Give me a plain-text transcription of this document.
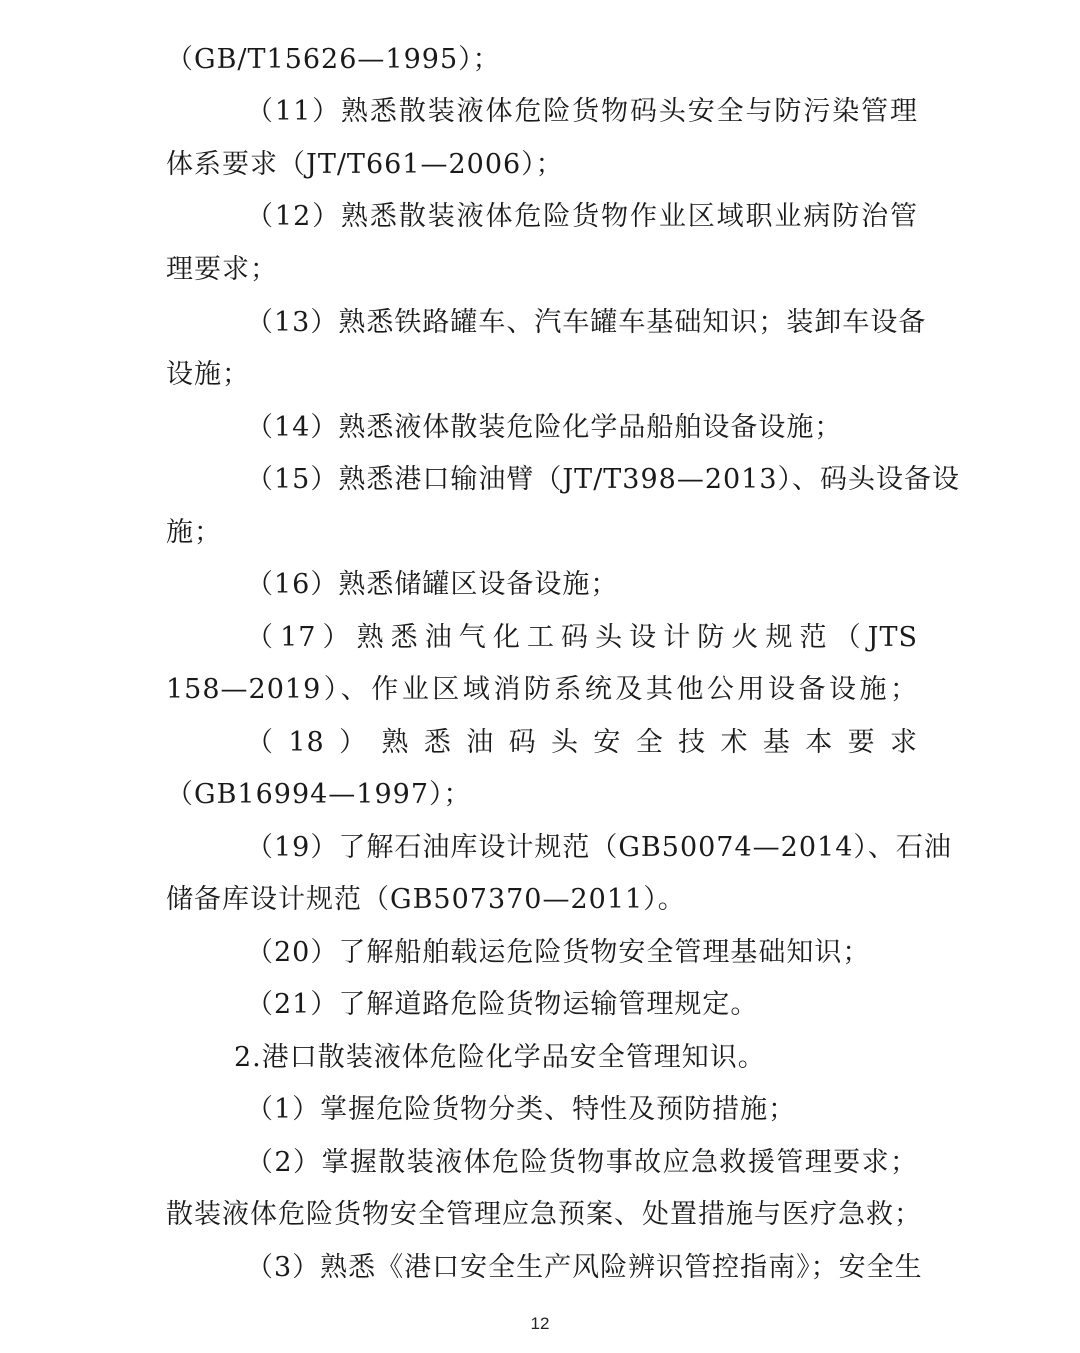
（GB/T15626—1995）；
（11）熟悉散装液体危险货物码头安全与防污染管理
体系要求（JT/T661—2006）；
（12）熟悉散装液体危险货物作业区域职业病防治管
理要求；
（13）熟悉铁路罐车、汽车罐车基础知识；装卸车设备
设施；
（14）熟悉液体散装危险化学品船舶设备设施；
（15）熟悉港口输油臂（JT/T398—2013）、码头设备设
施；
（16）熟悉储罐区设备设施；
（17）熟悉油气化工码头设计防火规范（JTS
158—2019）、作业区域消防系统及其他公用设备设施；
（18）熟悉油码头安全技术基本要求
（GB16994—1997）；
（19）了解石油库设计规范（GB50074—2014）、石油
储备库设计规范（GB507370—2011）。
（20）了解船舶载运危险货物安全管理基础知识；
（21）了解道路危险货物运输管理规定。
2.港口散装液体危险化学品安全管理知识。
（1）掌握危险货物分类、特性及预防措施；
（2）掌握散装液体危险货物事故应急救援管理要求；
散装液体危险货物安全管理应急预案、处置措施与医疗急救；
（3）熟悉《港口安全生产风险辨识管控指南》；安全生
12
